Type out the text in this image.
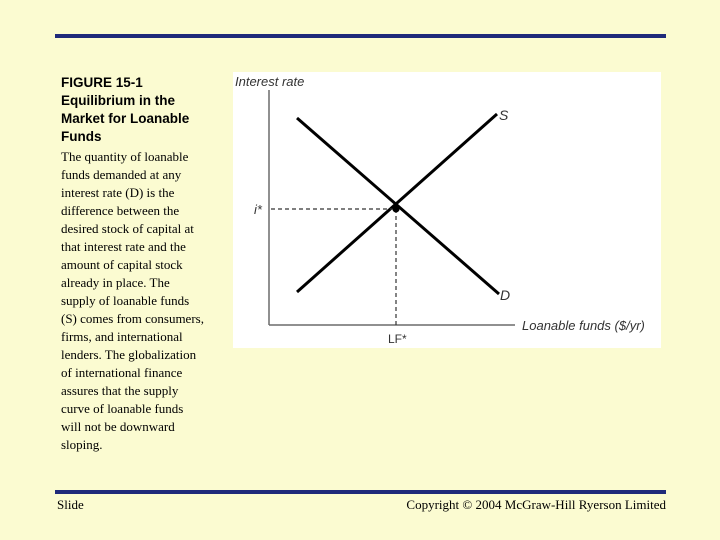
FIGURE 15-1
Equilibrium in the
Market for Loanable
Funds
The quantity of loanable
funds demanded at any
interest rate (D) is the
difference between the
desired stock of capital at
that interest rate and the
amount of capital stock
already in place. The
supply of loanable funds
(S) comes from consumers,
firms, and international
lenders. The globalization
of international finance
assures that the supply
curve of loanable funds
will not be downward
sloping.
Interest rate
S
D
i*
Loanable funds ($/yr)
LF*
Slide	Copyright © 2004 McGraw-Hill Ryerson Limited
